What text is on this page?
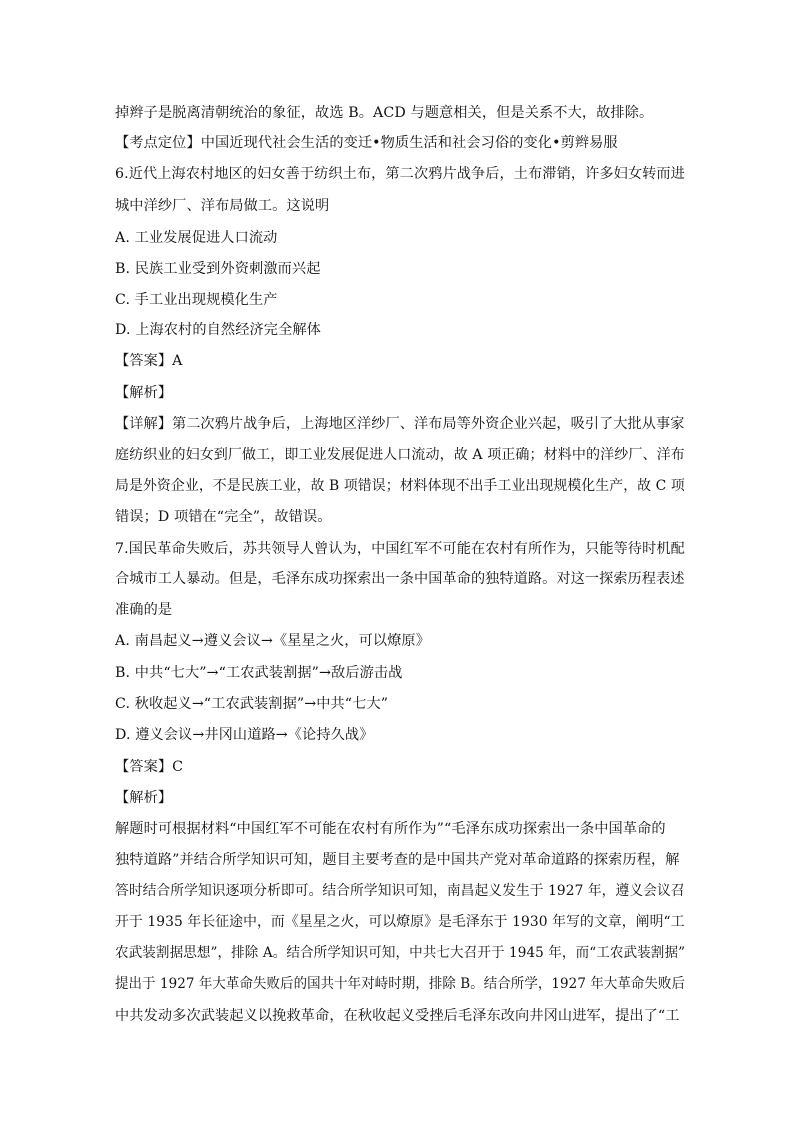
掉辫子是脱离清朝统治的象征，故选 B。ACD 与题意相关，但是关系不大，故排除。
【考点定位】中国近现代社会生活的变迁•物质生活和社会习俗的变化•剪辫易服
6.近代上海农村地区的妇女善于纺织土布，第二次鸦片战争后，土布滞销，许多妇女转而进
城中洋纱厂、洋布局做工。这说明
A. 工业发展促进人口流动
B. 民族工业受到外资刺激而兴起
C. 手工业出现规模化生产
D. 上海农村的自然经济完全解体
【答案】A
【解析】
【详解】第二次鸦片战争后，上海地区洋纱厂、洋布局等外资企业兴起，吸引了大批从事家
庭纺织业的妇女到厂做工，即工业发展促进人口流动，故 A 项正确；材料中的洋纱厂、洋布
局是外资企业，不是民族工业，故 B 项错误；材料体现不出手工业出现规模化生产，故 C 项
错误；D 项错在“完全”，故错误。
7.国民革命失败后，苏共领导人曾认为，中国红军不可能在农村有所作为，只能等待时机配
合城市工人暴动。但是，毛泽东成功探索出一条中国革命的独特道路。对这一探索历程表述
准确的是
A. 南昌起义→遵义会议→《星星之火，可以燎原》
B. 中共“七大”→“工农武装割据”→敌后游击战
C. 秋收起义→“工农武装割据”→中共“七大”
D. 遵义会议→井冈山道路→《论持久战》
【答案】C
【解析】
解题时可根据材料“中国红军不可能在农村有所作为”“毛泽东成功探索出一条中国革命的
独特道路”并结合所学知识可知，题目主要考查的是中国共产党对革命道路的探索历程，解
答时结合所学知识逐项分析即可。结合所学知识可知，南昌起义发生于 1927 年，遵义会议召
开于 1935 年长征途中，而《星星之火，可以燎原》是毛泽东于 1930 年写的文章，阐明“工
农武装割据思想”，排除 A。结合所学知识可知，中共七大召开于 1945 年，而“工农武装割据”
提出于 1927 年大革命失败后的国共十年对峙时期，排除 B。结合所学，1927 年大革命失败后
中共发动多次武装起义以挽救革命，在秋收起义受挫后毛泽东改向井冈山进军，提出了“工
